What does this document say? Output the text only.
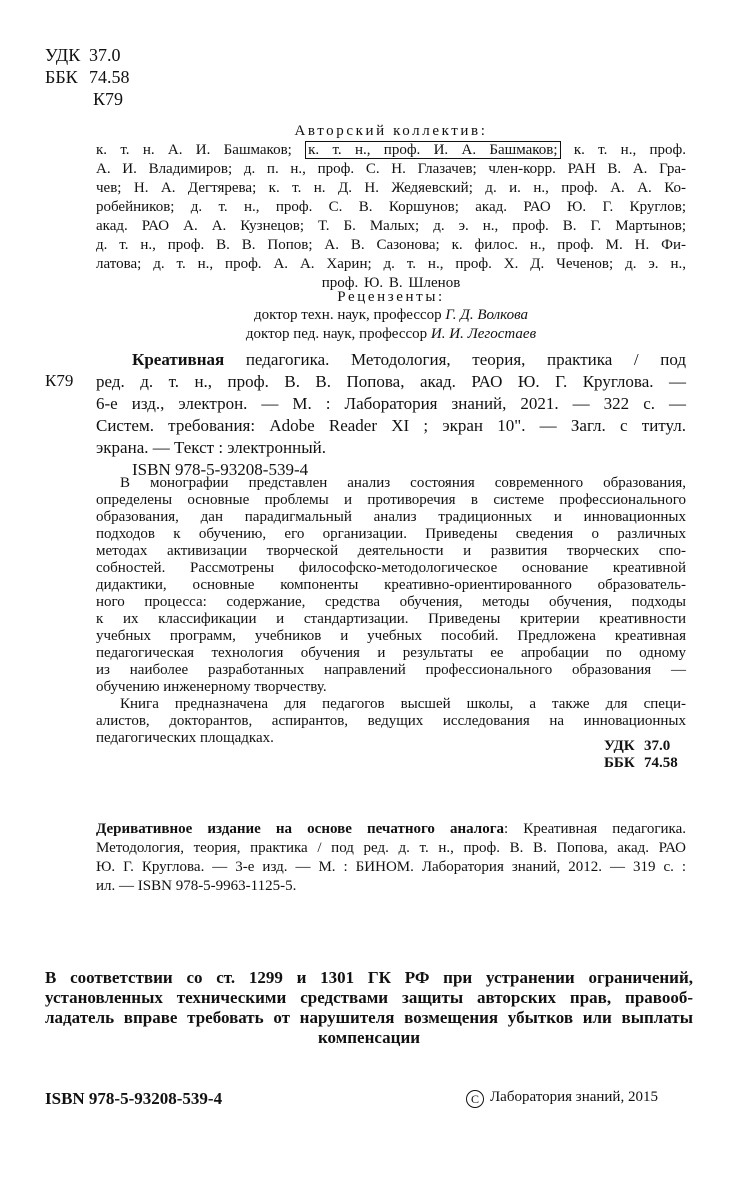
УДК 37.0
ББК 74.58
К79
Авторский коллектив:
к. т. н. А. И. Башмаков; к. т. н., проф. И. А. Башмаков; к. т. н., проф.
А. И. Владимиров; д. п. н., проф. С. Н. Глазачев; член-корр. РАН В. А. Гра-
чев; Н. А. Дегтярева; к. т. н. Д. Н. Жедяевский; д. и. н., проф. А. А. Ко-
робейников; д. т. н., проф. С. В. Коршунов; акад. РАО Ю. Г. Круглов;
акад. РАО А. А. Кузнецов; Т. Б. Малых; д. э. н., проф. В. Г. Мартынов;
д. т. н., проф. В. В. Попов; А. В. Сазонова; к. филос. н., проф. М. Н. Фи-
латова; д. т. н., проф. А. А. Харин; д. т. н., проф. Х. Д. Чеченов; д. э. н.,
проф. Ю. В. Шленов
Рецензенты:
доктор техн. наук, профессор Г. Д. Волкова
доктор пед. наук, профессор И. И. Легостаев
К79
Креативная педагогика. Методология, теория, практика / под
ред. д. т. н., проф. В. В. Попова, акад. РАО Ю. Г. Круглова. —
6-е изд., электрон. — М. : Лаборатория знаний, 2021. — 322 с. —
Систем. требования: Adobe Reader XI ; экран 10". — Загл. с титул.
экрана. — Текст : электронный.
ISBN 978-5-93208-539-4
В монографии представлен анализ состояния современного образования,
определены основные проблемы и противоречия в системе профессионального
образования, дан парадигмальный анализ традиционных и инновационных
подходов к обучению, его организации. Приведены сведения о различных
методах активизации творческой деятельности и развития творческих спо-
собностей. Рассмотрены философско-методологическое основание креативной
дидактики, основные компоненты креативно-ориентированного образователь-
ного процесса: содержание, средства обучения, методы обучения, подходы
к их классификации и стандартизации. Приведены критерии креативности
учебных программ, учебников и учебных пособий. Предложена креативная
педагогическая технология обучения и результаты ее апробации по одному
из наиболее разработанных направлений профессионального образования —
обучению инженерному творчеству.
Книга предназначена для педагогов высшей школы, а также для специ-
алистов, докторантов, аспирантов, ведущих исследования на инновационных
педагогических площадках.	УДК 37.0
ББК 74.58
Деривативное издание на основе печатного аналога: Креативная педагогика.
Методология, теория, практика / под ред. д. т. н., проф. В. В. Попова, акад. РАО
Ю. Г. Круглова. — 3-е изд. — М. : БИНОМ. Лаборатория знаний, 2012. — 319 с. :
ил. — ISBN 978-5-9963-1125-5.
В соответствии со ст. 1299 и 1301 ГК РФ при устранении ограничений,
установленных техническими средствами защиты авторских прав, правооб-
ладатель вправе требовать от нарушителя возмещения убытков или выплаты
компенсации
ISBN 978-5-93208-539-4	C Лаборатория знаний, 2015
